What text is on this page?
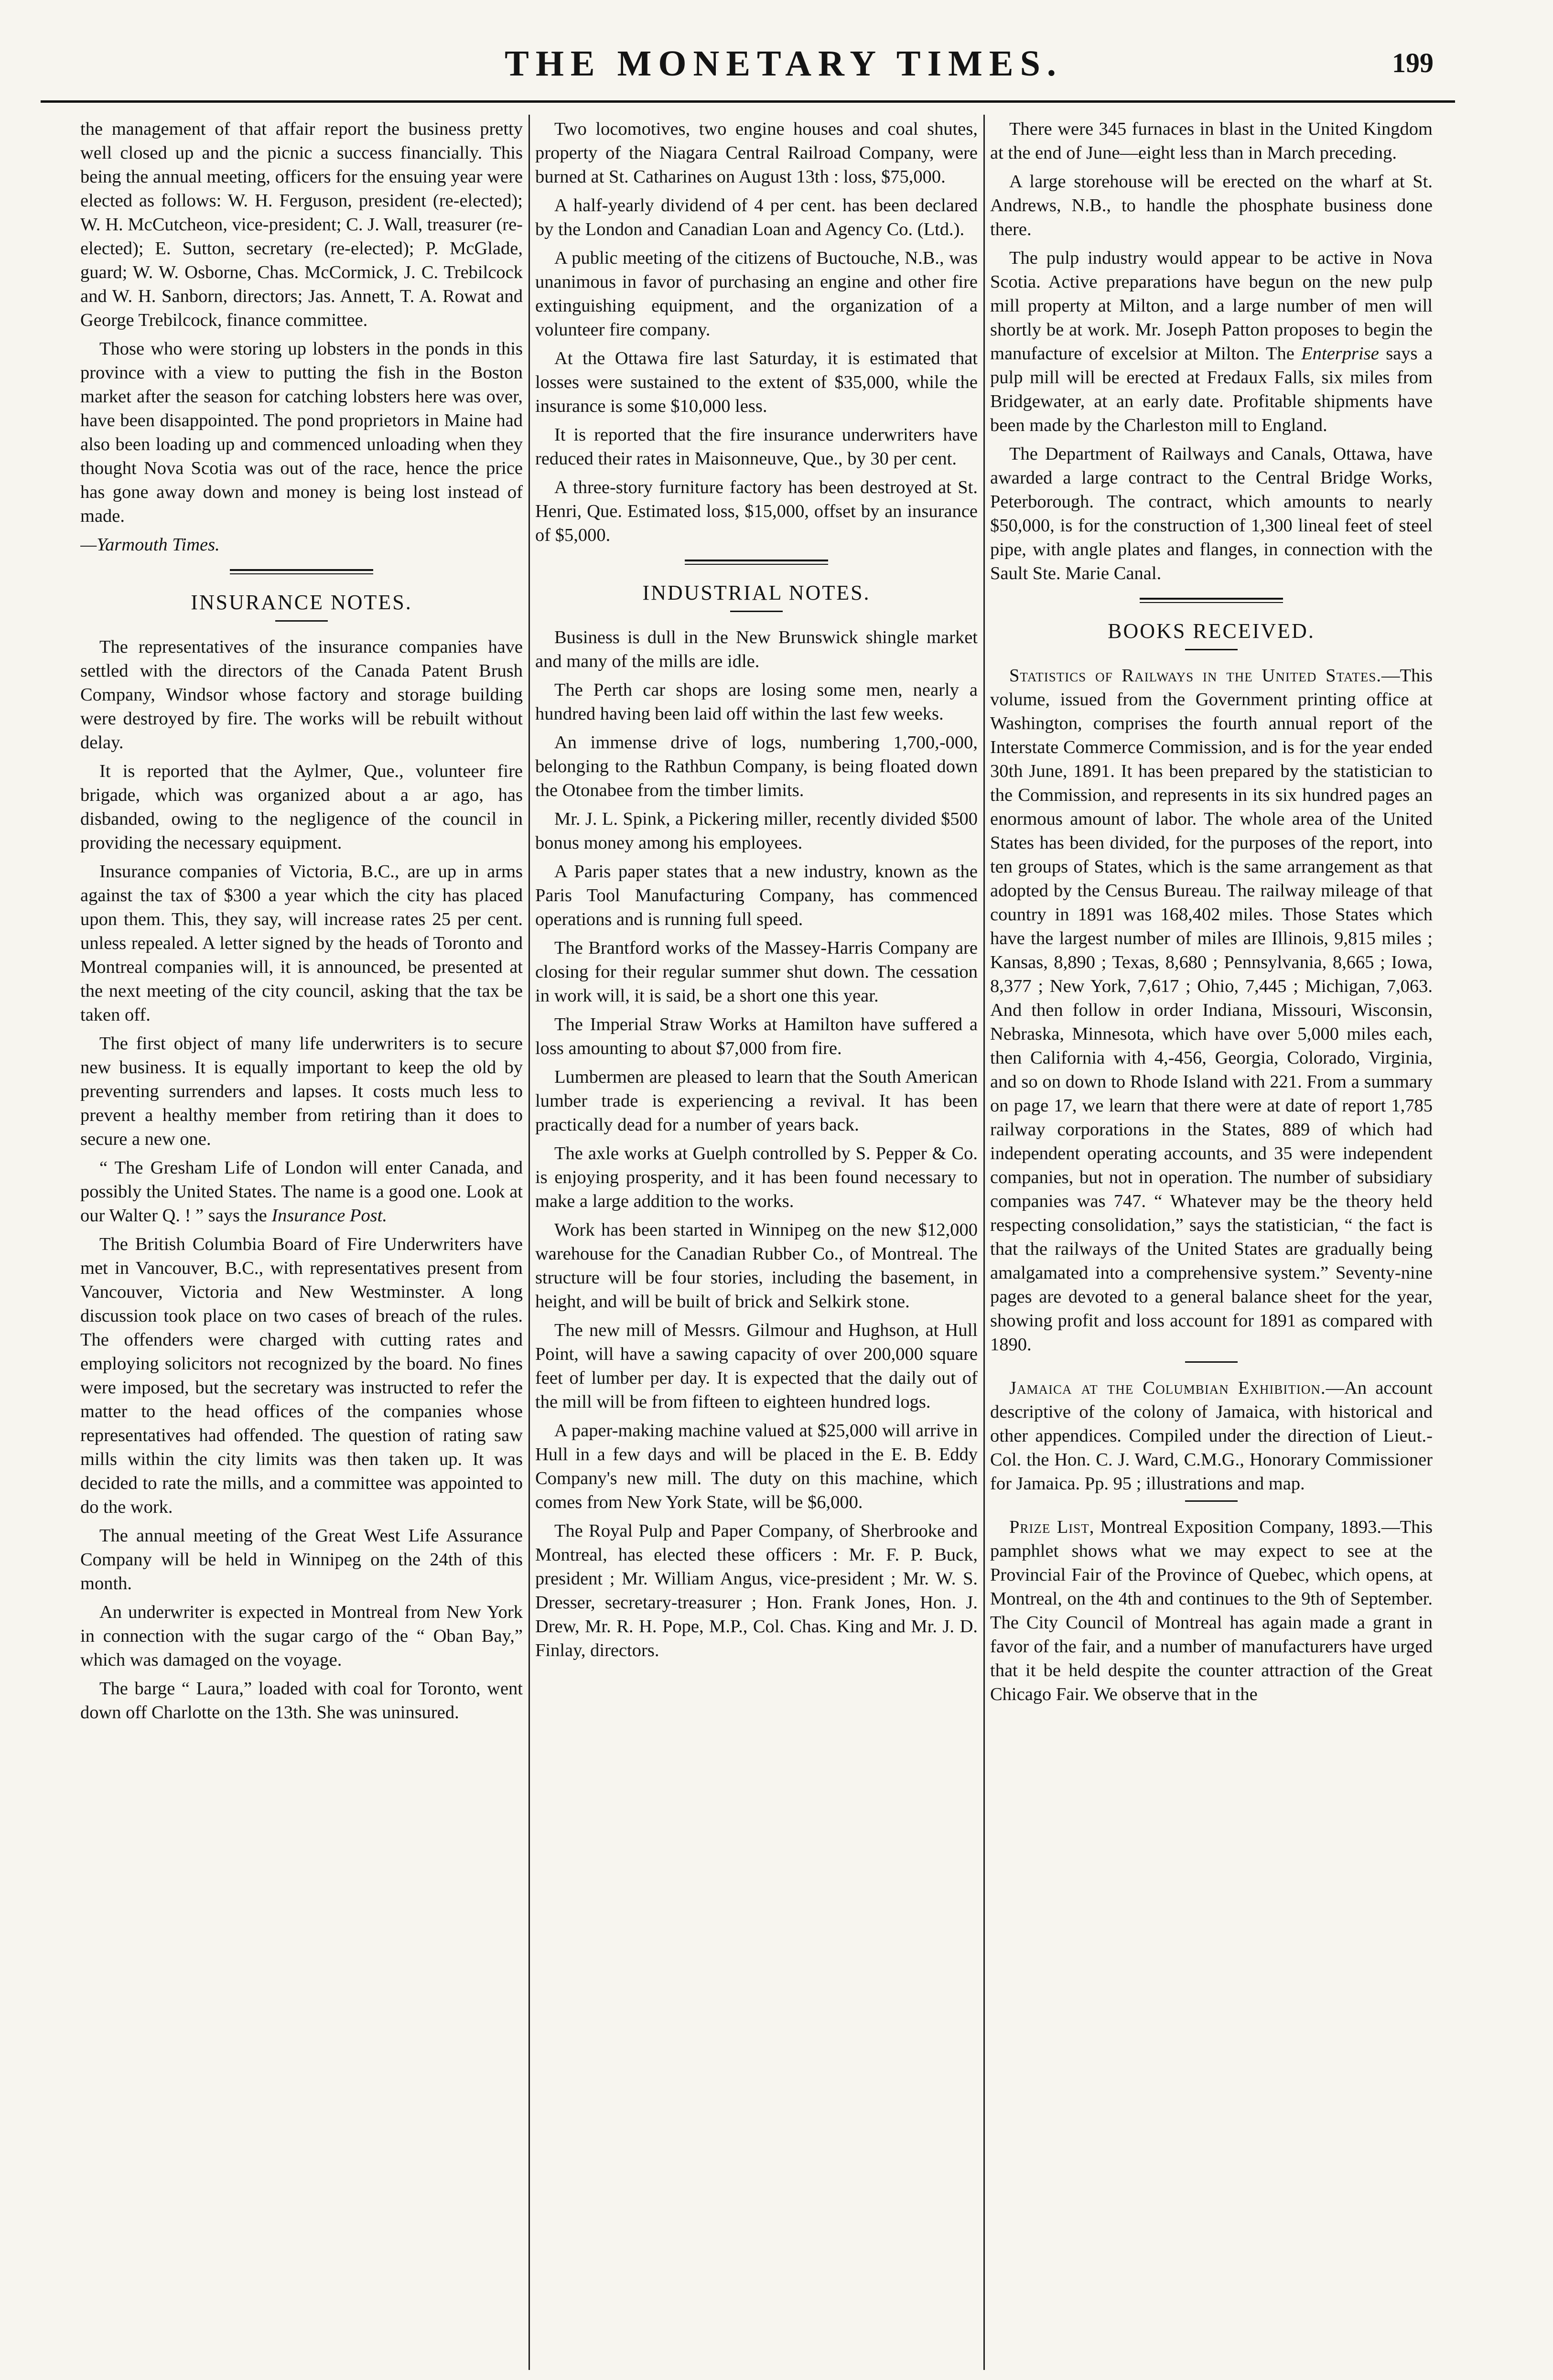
THE MONETARY TIMES.	199

the management of that affair report the business pretty well closed up and the picnic a success financially. This being the annual meeting, officers for the ensuing year were elected as follows: W. H. Ferguson, president (re-elected); W. H. McCutcheon, vice-president; C. J. Wall, treasurer (re-elected); E. Sutton, secretary (re-elected); P. McGlade, guard; W. W. Osborne, Chas. McCormick, J. C. Trebilcock and W. H. Sanborn, directors; Jas. Annett, T. A. Rowat and George Trebilcock, finance committee.

Those who were storing up lobsters in the ponds in this province with a view to putting the fish in the Boston market after the season for catching lobsters here was over, have been disappointed. The pond proprietors in Maine had also been loading up and commenced unloading when they thought Nova Scotia was out of the race, hence the price has gone away down and money is being lost instead of made.

—Yarmouth Times.

INSURANCE NOTES.

The representatives of the insurance companies have settled with the directors of the Canada Patent Brush Company, Windsor whose factory and storage building were destroyed by fire. The works will be rebuilt without delay.

It is reported that the Aylmer, Que., volunteer fire brigade, which was organized about a ar ago, has disbanded, owing to the negligence of the council in providing the necessary equipment.

Insurance companies of Victoria, B.C., are up in arms against the tax of $300 a year which the city has placed upon them. This, they say, will increase rates 25 per cent. unless repealed. A letter signed by the heads of Toronto and Montreal companies will, it is announced, be presented at the next meeting of the city council, asking that the tax be taken off.

The first object of many life underwriters is to secure new business. It is equally important to keep the old by preventing surrenders and lapses. It costs much less to prevent a healthy member from retiring than it does to secure a new one.

“ The Gresham Life of London will enter Canada, and possibly the United States. The name is a good one. Look at our Walter Q. ! ” says the Insurance Post.

The British Columbia Board of Fire Underwriters have met in Vancouver, B.C., with representatives present from Vancouver, Victoria and New Westminster. A long discussion took place on two cases of breach of the rules. The offenders were charged with cutting rates and employing solicitors not recognized by the board. No fines were imposed, but the secretary was instructed to refer the matter to the head offices of the companies whose representatives had offended. The question of rating saw mills within the city limits was then taken up. It was decided to rate the mills, and a committee was appointed to do the work.

The annual meeting of the Great West Life Assurance Company will be held in Winnipeg on the 24th of this month.

An underwriter is expected in Montreal from New York in connection with the sugar cargo of the “ Oban Bay,” which was damaged on the voyage.

The barge “ Laura,” loaded with coal for Toronto, went down off Charlotte on the 13th. She was uninsured.

Two locomotives, two engine houses and coal shutes, property of the Niagara Central Railroad Company, were burned at St. Catharines on August 13th : loss, $75,000.

A half-yearly dividend of 4 per cent. has been declared by the London and Canadian Loan and Agency Co. (Ltd.).

A public meeting of the citizens of Buctouche, N.B., was unanimous in favor of purchasing an engine and other fire extinguishing equipment, and the organization of a volunteer fire company.

At the Ottawa fire last Saturday, it is estimated that losses were sustained to the extent of $35,000, while the insurance is some $10,000 less.

It is reported that the fire insurance underwriters have reduced their rates in Maisonneuve, Que., by 30 per cent.

A three-story furniture factory has been destroyed at St. Henri, Que. Estimated loss, $15,000, offset by an insurance of $5,000.

INDUSTRIAL NOTES.

Business is dull in the New Brunswick shingle market and many of the mills are idle.

The Perth car shops are losing some men, nearly a hundred having been laid off within the last few weeks.

An immense drive of logs, numbering 1,700,-000, belonging to the Rathbun Company, is being floated down the Otonabee from the timber limits.

Mr. J. L. Spink, a Pickering miller, recently divided $500 bonus money among his employees.

A Paris paper states that a new industry, known as the Paris Tool Manufacturing Company, has commenced operations and is running full speed.

The Brantford works of the Massey-Harris Company are closing for their regular summer shut down. The cessation in work will, it is said, be a short one this year.

The Imperial Straw Works at Hamilton have suffered a loss amounting to about $7,000 from fire.

Lumbermen are pleased to learn that the South American lumber trade is experiencing a revival. It has been practically dead for a number of years back.

The axle works at Guelph controlled by S. Pepper & Co. is enjoying prosperity, and it has been found necessary to make a large addition to the works.

Work has been started in Winnipeg on the new $12,000 warehouse for the Canadian Rubber Co., of Montreal. The structure will be four stories, including the basement, in height, and will be built of brick and Selkirk stone.

The new mill of Messrs. Gilmour and Hughson, at Hull Point, will have a sawing capacity of over 200,000 square feet of lumber per day. It is expected that the daily out of the mill will be from fifteen to eighteen hundred logs.

A paper-making machine valued at $25,000 will arrive in Hull in a few days and will be placed in the E. B. Eddy Company's new mill. The duty on this machine, which comes from New York State, will be $6,000.

The Royal Pulp and Paper Company, of Sherbrooke and Montreal, has elected these officers : Mr. F. P. Buck, president ; Mr. William Angus, vice-president ; Mr. W. S. Dresser, secretary-treasurer ; Hon. Frank Jones, Hon. J. Drew, Mr. R. H. Pope, M.P., Col. Chas. King and Mr. J. D. Finlay, directors.

There were 345 furnaces in blast in the United Kingdom at the end of June—eight less than in March preceding.

A large storehouse will be erected on the wharf at St. Andrews, N.B., to handle the phosphate business done there.

The pulp industry would appear to be active in Nova Scotia. Active preparations have begun on the new pulp mill property at Milton, and a large number of men will shortly be at work. Mr. Joseph Patton proposes to begin the manufacture of excelsior at Milton. The Enterprise says a pulp mill will be erected at Fredaux Falls, six miles from Bridgewater, at an early date. Profitable shipments have been made by the Charleston mill to England.

The Department of Railways and Canals, Ottawa, have awarded a large contract to the Central Bridge Works, Peterborough. The contract, which amounts to nearly $50,000, is for the construction of 1,300 lineal feet of steel pipe, with angle plates and flanges, in connection with the Sault Ste. Marie Canal.

BOOKS RECEIVED.

Statistics of Railways in the United States.—This volume, issued from the Government printing office at Washington, comprises the fourth annual report of the Interstate Commerce Commission, and is for the year ended 30th June, 1891. It has been prepared by the statistician to the Commission, and represents in its six hundred pages an enormous amount of labor. The whole area of the United States has been divided, for the purposes of the report, into ten groups of States, which is the same arrangement as that adopted by the Census Bureau. The railway mileage of that country in 1891 was 168,402 miles. Those States which have the largest number of miles are Illinois, 9,815 miles ; Kansas, 8,890 ; Texas, 8,680 ; Pennsylvania, 8,665 ; Iowa, 8,377 ; New York, 7,617 ; Ohio, 7,445 ; Michigan, 7,063. And then follow in order Indiana, Missouri, Wisconsin, Nebraska, Minnesota, which have over 5,000 miles each, then California with 4,-456, Georgia, Colorado, Virginia, and so on down to Rhode Island with 221. From a summary on page 17, we learn that there were at date of report 1,785 railway corporations in the States, 889 of which had independent operating accounts, and 35 were independent companies, but not in operation. The number of subsidiary companies was 747. “ Whatever may be the theory held respecting consolidation,” says the statistician, “ the fact is that the railways of the United States are gradually being amalgamated into a comprehensive system.” Seventy-nine pages are devoted to a general balance sheet for the year, showing profit and loss account for 1891 as compared with 1890.

Jamaica at the Columbian Exhibition.—An account descriptive of the colony of Jamaica, with historical and other appendices. Compiled under the direction of Lieut.-Col. the Hon. C. J. Ward, C.M.G., Honorary Commissioner for Jamaica. Pp. 95 ; illustrations and map.

Prize List, Montreal Exposition Company, 1893.—This pamphlet shows what we may expect to see at the Provincial Fair of the Province of Quebec, which opens, at Montreal, on the 4th and continues to the 9th of September. The City Council of Montreal has again made a grant in favor of the fair, and a number of manufacturers have urged that it be held despite the counter attraction of the Great Chicago Fair. We observe that in the
